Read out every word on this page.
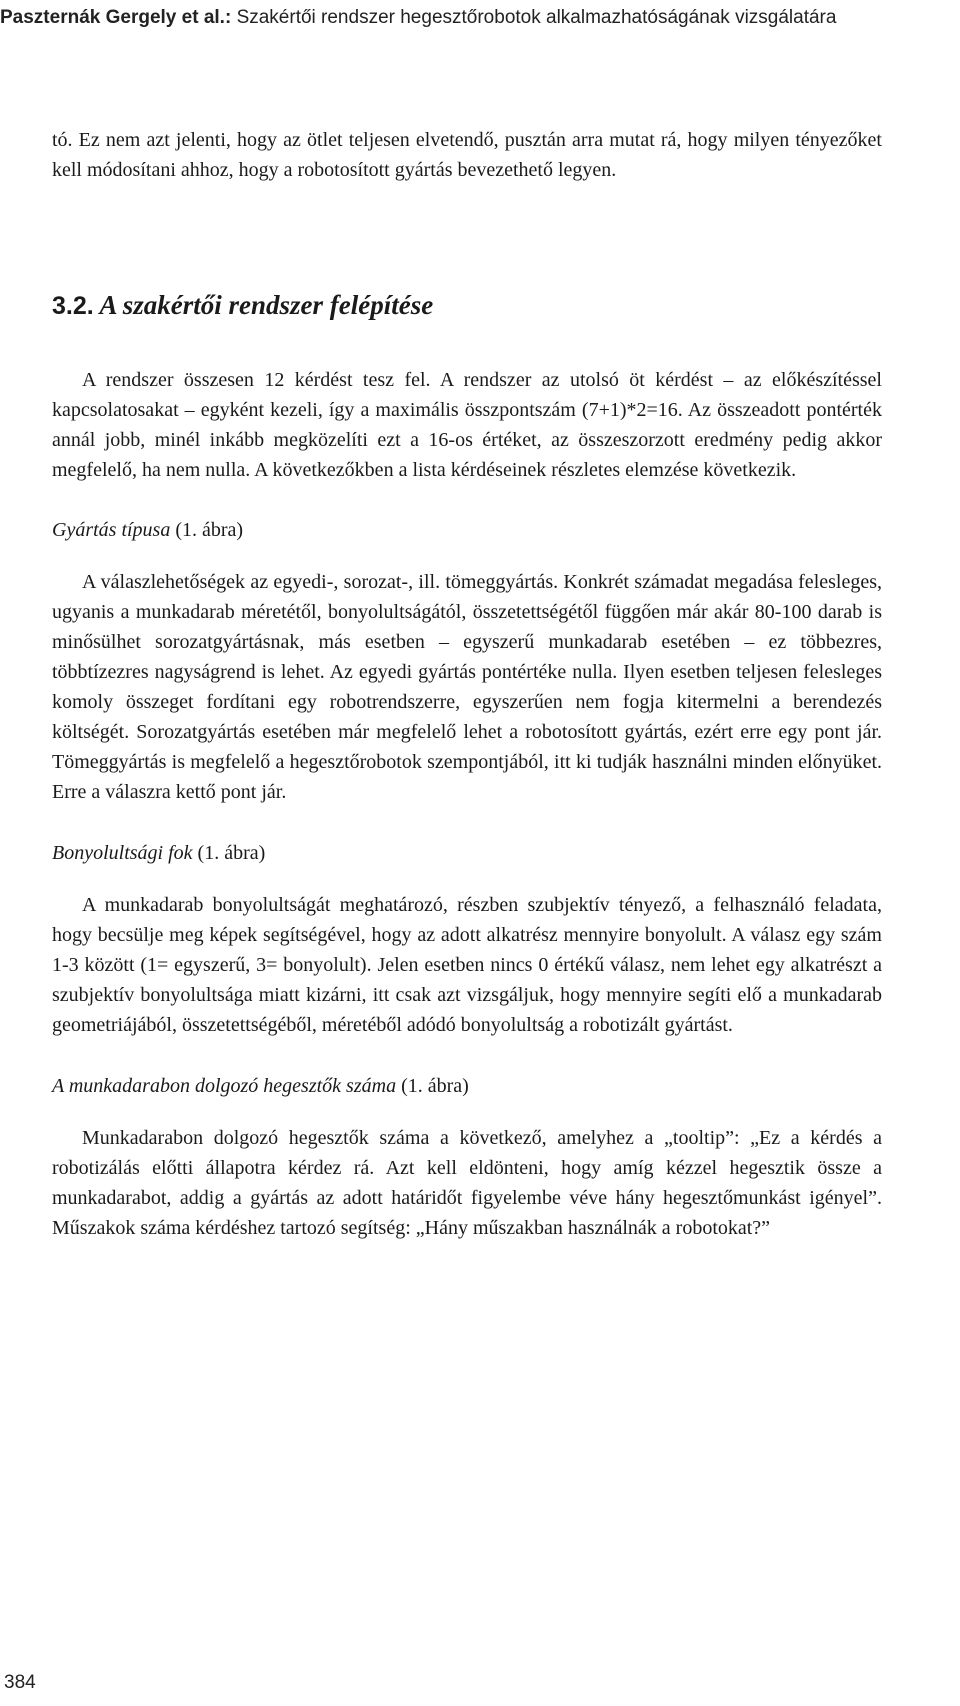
Paszternák Gergely et al.: Szakértői rendszer hegesztőrobotok alkalmazhatóságának vizsgálatára

tó. Ez nem azt jelenti, hogy az ötlet teljesen elvetendő, pusztán arra mutat rá, hogy milyen tényezőket kell módosítani ahhoz, hogy a robotosított gyártás bevezethető legyen.

3.2. A szakértői rendszer felépítése

A rendszer összesen 12 kérdést tesz fel. A rendszer az utolsó öt kérdést – az előkészítéssel kapcsolatosakat – egyként kezeli, így a maximális összpontszám (7+1)*2=16. Az összeadott pontérték annál jobb, minél inkább megközelíti ezt a 16-os értéket, az összeszorzott eredmény pedig akkor megfelelő, ha nem nulla. A következőkben a lista kérdéseinek részletes elemzése következik.

Gyártás típusa (1. ábra)

A válaszlehetőségek az egyedi-, sorozat-, ill. tömeggyártás. Konkrét számadat megadása felesleges, ugyanis a munkadarab méretétől, bonyolultságától, összetettségétől függően már akár 80-100 darab is minősülhet sorozatgyártásnak, más esetben – egyszerű munkadarab esetében – ez többezres, többtízezres nagyságrend is lehet. Az egyedi gyártás pontértéke nulla. Ilyen esetben teljesen felesleges komoly összeget fordítani egy robotrendszerre, egyszerűen nem fogja kitermelni a berendezés költségét. Sorozatgyártás esetében már megfelelő lehet a robotosított gyártás, ezért erre egy pont jár. Tömeggyártás is megfelelő a hegesztőrobotok szempontjából, itt ki tudják használni minden előnyüket. Erre a válaszra kettő pont jár.

Bonyolultsági fok (1. ábra)

A munkadarab bonyolultságát meghatározó, részben szubjektív tényező, a felhasználó feladata, hogy becsülje meg képek segítségével, hogy az adott alkatrész mennyire bonyolult. A válasz egy szám 1-3 között (1= egyszerű, 3= bonyolult). Jelen esetben nincs 0 értékű válasz, nem lehet egy alkatrészt a szubjektív bonyolultsága miatt kizárni, itt csak azt vizsgáljuk, hogy mennyire segíti elő a munkadarab geometriájából, összetettségéből, méretéből adódó bonyolultság a robotizált gyártást.

A munkadarabon dolgozó hegesztők száma (1. ábra)

Munkadarabon dolgozó hegesztők száma a következő, amelyhez a „tooltip”: „Ez a kérdés a robotizálás előtti állapotra kérdez rá. Azt kell eldönteni, hogy amíg kézzel hegesztik össze a munkadarabot, addig a gyártás az adott határidőt figyelembe véve hány hegesztőmunkást igényel”. Műszakok száma kérdéshez tartozó segítség: „Hány műszakban használnák a robotokat?”

384
